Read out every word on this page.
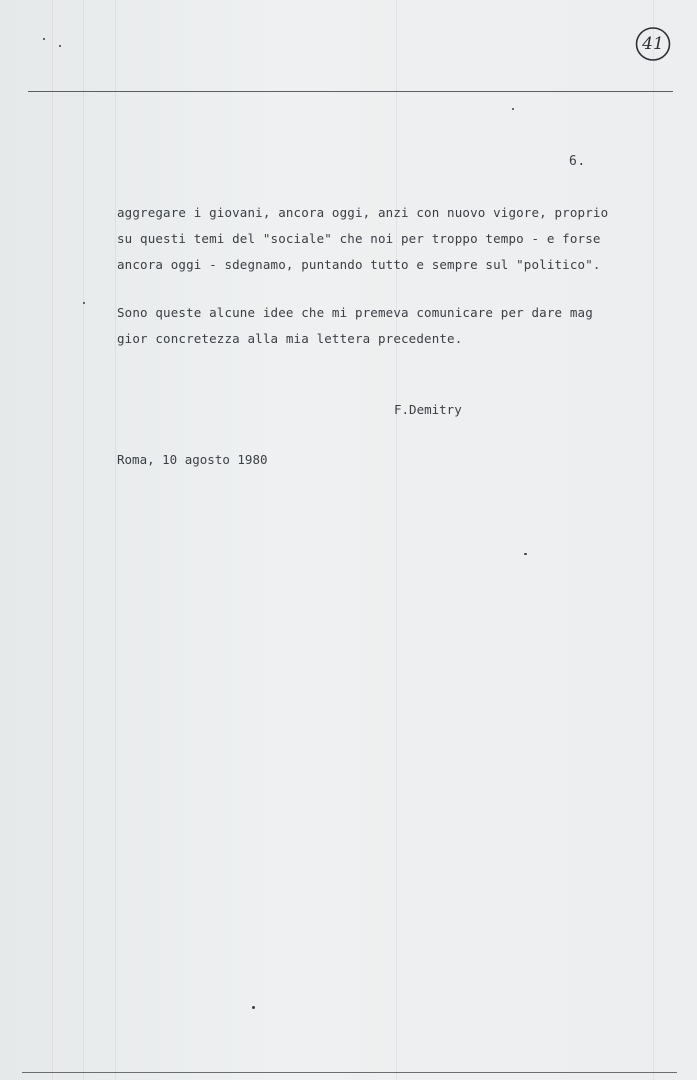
41
6.
aggregare i giovani, ancora oggi, anzi con nuovo vigore, proprio
su questi temi del "sociale" che noi per troppo tempo - e forse
ancora oggi - sdegnamo, puntando tutto e sempre sul "politico".
Sono queste alcune idee che mi premeva comunicare per dare mag
gior concretezza alla mia lettera precedente.
F.Demitry
Roma, 10 agosto 1980
